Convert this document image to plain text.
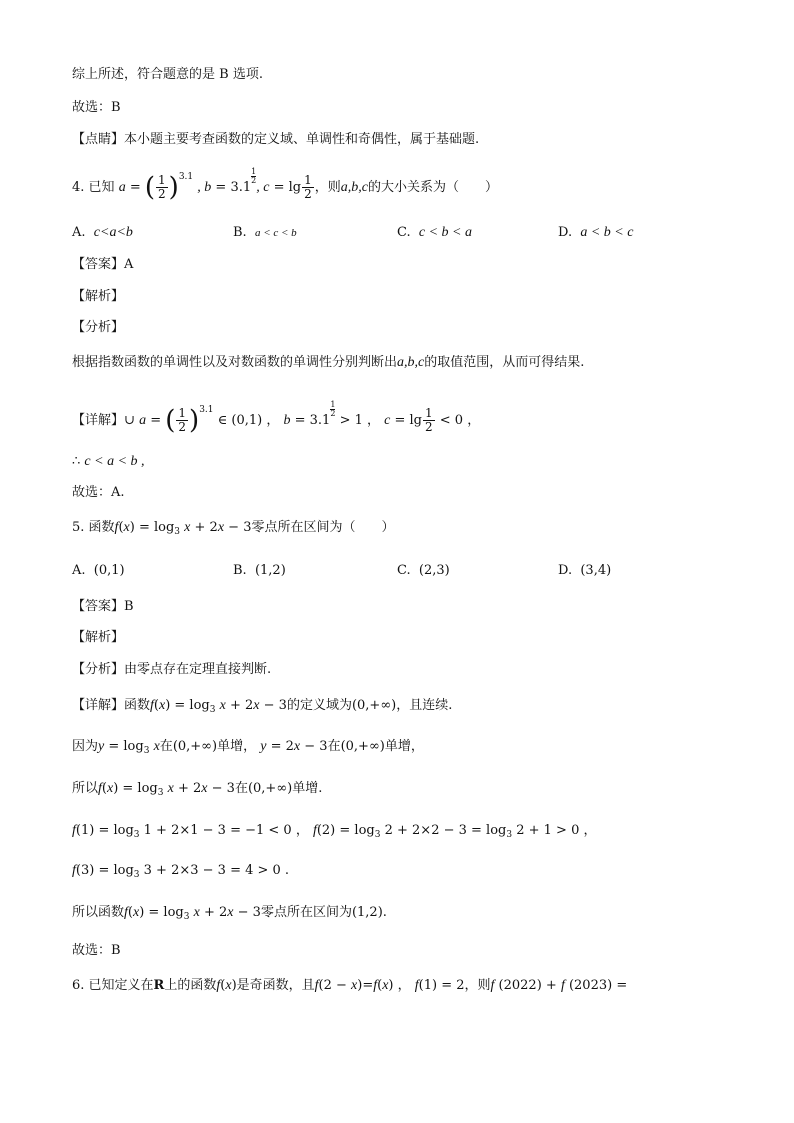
综上所述，符合题意的是 B 选项.
故选：B
【点睛】本小题主要考查函数的定义域、单调性和奇偶性，属于基础题.
4. 已知 a = ( $\frac{1}{2} )^{3.1}$ , b = 3.1
$\frac{1}{2}$, $c = \lg \frac{1}{2}$ ，则a,b,c的大小关系为（　　）
A. c<a<b	B. a < c < b	C. c < b < a	D. a < b < c
【答案】A
【解析】
【分析】
根据指数函数的单调性以及对数函数的单调性分别判断出a,b,c的取值范围，从而可得结果.
【详解】∪ a = ( $\frac{1}{2} )^{3.1}$ ∈ (0,1) ， b = 3.1
$\frac{1}{2} > 1$ ， $c = \lg \frac{1}{2} < 0$ ，
∴ c < a < b ,
故选：A.
5. 函数$f(x) = \log_3 x + 2x - 3$零点所在区间为（　　）
A. (0,1)	B. (1,2)	C. (2,3)	D. (3,4)
【答案】B
【解析】
【分析】由零点存在定理直接判断.
【详解】函数$f(x) = \log_3 x + 2x - 3$的定义域为(0,+∞)，且连续.
因为$y = \log_3 x$在(0,+∞)单增， y = 2x − 3在(0,+∞)单增，
所以$f(x) = \log_3 x + 2x - 3$在(0,+∞)单增.
$f(1) = \log_3 1 + 2\times 1 - 3 = -1 < 0$ ， $f(2) = \log_3 2 + 2\times 2 - 3 = \log_3 2 + 1 > 0$ ，
$f(3) = \log_3 3 + 2\times 3 - 3 = 4 > 0$ .
所以函数$f(x) = \log_3 x + 2x - 3$零点所在区间为(1,2).
故选：B
6. 已知定义在R上的函数f(x)是奇函数，且f(2 − x)=f(x) ， f(1) = 2，则f (2022) + f (2023) =
